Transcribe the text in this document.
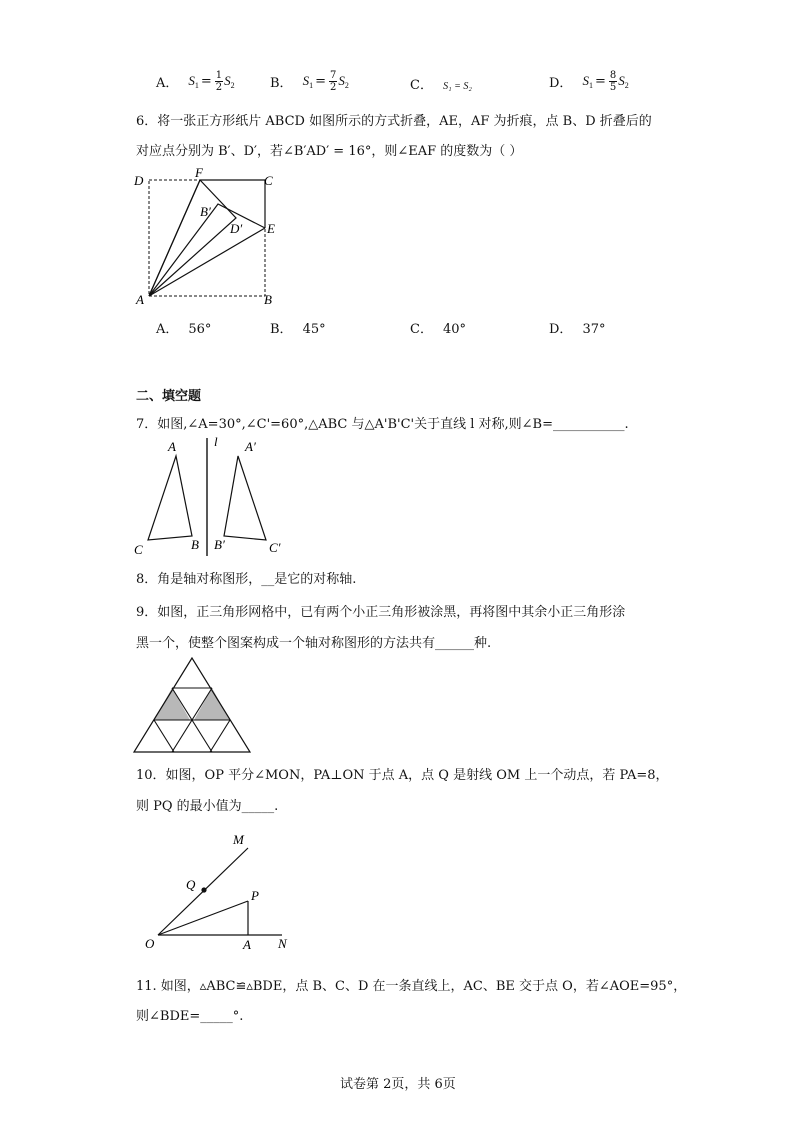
A． $S_1 = \frac{1}{2} S_2$	B． $S_1 = \frac{7}{2} S_2$	C． S₁ = S₂	D． $S_1 = \frac{8}{5} S_2$
6．将一张正方形纸片 ABCD 如图所示的方式折叠，AE，AF 为折痕，点 B、D 折叠后的
对应点分别为 B′、D′，若∠B′AD′ = 16°，则∠EAF 的度数为（ ）
D
F
C
B′
D′ E
A	B
A． 56°	B． 45°	C． 40°	D． 37°
二、填空题
7．如图,∠A=30°,∠C'=60°,△ABC 与△A'B'C'关于直线 l 对称,则∠B=___________.
A	l A′
C	B B′	C′
8．角是轴对称图形，__是它的对称轴.
9．如图，正三角形网格中，已有两个小正三角形被涂黑，再将图中其余小正三角形涂
黑一个，使整个图案构成一个轴对称图形的方法共有______种.
10．如图，OP 平分∠MON，PA⊥ON 于点 A，点 Q 是射线 OM 上一个动点，若 PA=8，
则 PQ 的最小值为_____.
M
Q
P
O	A N
11. 如图，▵ABC≌▵BDE，点 B、C、D 在一条直线上，AC、BE 交于点 O，若∠AOE=95°，
则∠BDE=_____°.
试卷第 2页，共 6页
